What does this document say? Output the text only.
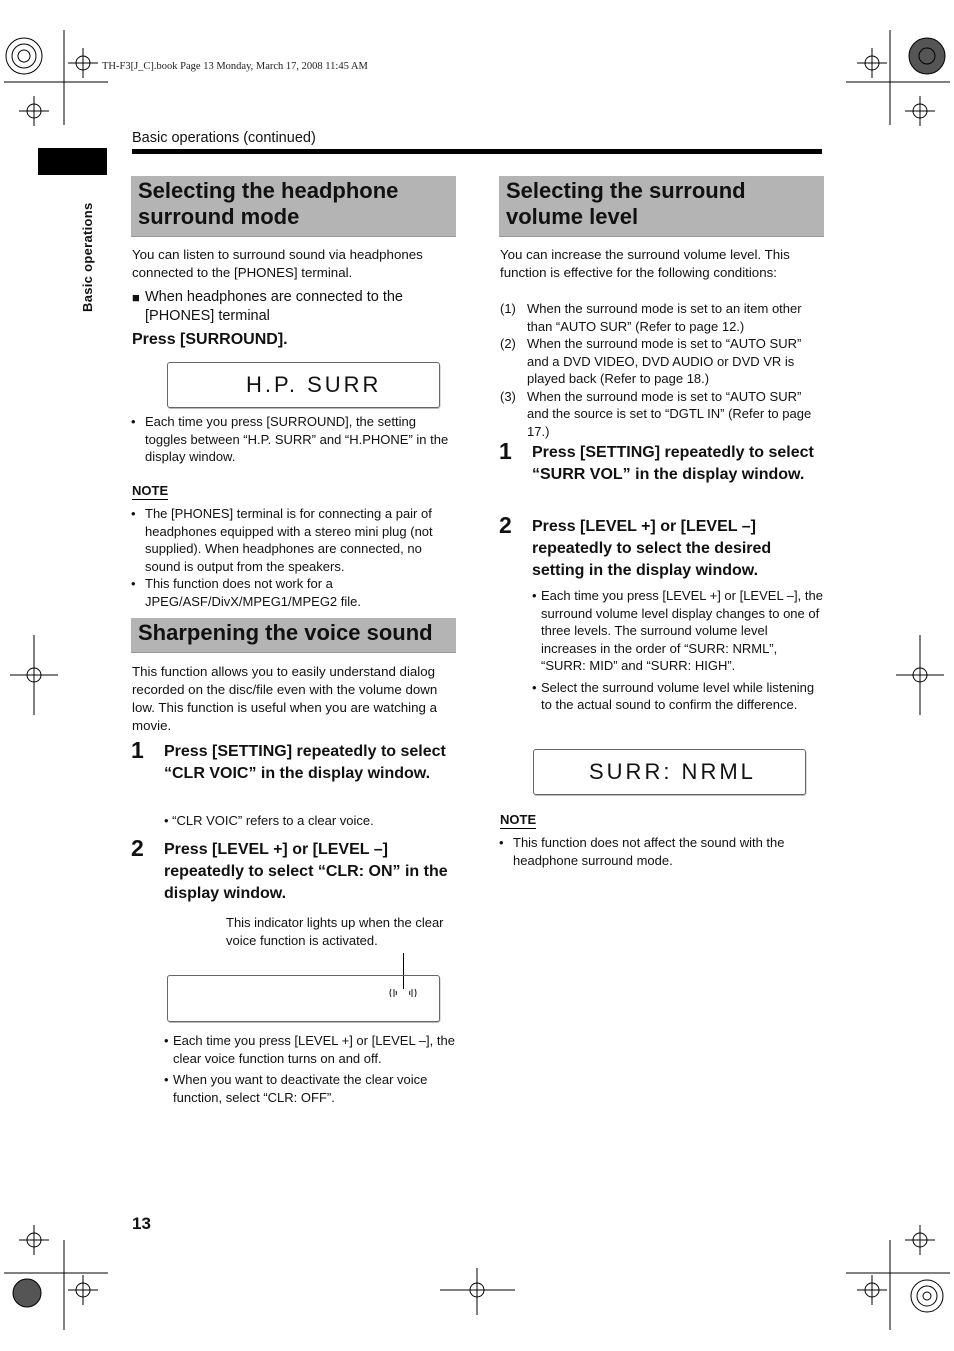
TH-F3[J_C].book Page 13 Monday, March 17, 2008 11:45 AM
Basic operations (continued)
Basic operations
Selecting the headphone
surround mode
You can listen to surround sound via headphones connected to the [PHONES] terminal.
■ When headphones are connected to the [PHONES] terminal
Press [SURROUND].
H.P. SURR
• Each time you press [SURROUND], the setting toggles between “H.P. SURR” and “H.PHONE” in the display window.
NOTE
• The [PHONES] terminal is for connecting a pair of headphones equipped with a stereo mini plug (not supplied). When headphones are connected, no sound is output from the speakers.
• This function does not work for a JPEG/ASF/DivX/MPEG1/MPEG2 file.
Sharpening the voice sound
This function allows you to easily understand dialog recorded on the disc/file even with the volume down low. This function is useful when you are watching a movie.
1 Press [SETTING] repeatedly to select “CLR VOIC” in the display window.
• “CLR VOIC” refers to a clear voice.
2 Press [LEVEL +] or [LEVEL –] repeatedly to select “CLR: ON” in the display window.
This indicator lights up when the clear voice function is activated.
• Each time you press [LEVEL +] or [LEVEL –], the clear voice function turns on and off.
• When you want to deactivate the clear voice function, select “CLR: OFF”.
Selecting the surround
volume level
You can increase the surround volume level. This function is effective for the following conditions:
(1) When the surround mode is set to an item other than “AUTO SUR” (Refer to page 12.)
(2) When the surround mode is set to “AUTO SUR” and a DVD VIDEO, DVD AUDIO or DVD VR is played back (Refer to page 18.)
(3) When the surround mode is set to “AUTO SUR” and the source is set to “DGTL IN” (Refer to page 17.)
1 Press [SETTING] repeatedly to select “SURR VOL” in the display window.
2 Press [LEVEL +] or [LEVEL –] repeatedly to select the desired setting in the display window.
• Each time you press [LEVEL +] or [LEVEL –], the surround volume level display changes to one of three levels. The surround volume level increases in the order of “SURR: NRML”, “SURR: MID” and “SURR: HIGH”.
• Select the surround volume level while listening to the actual sound to confirm the difference.
SURR: NRML
NOTE
• This function does not affect the sound with the headphone surround mode.
13
